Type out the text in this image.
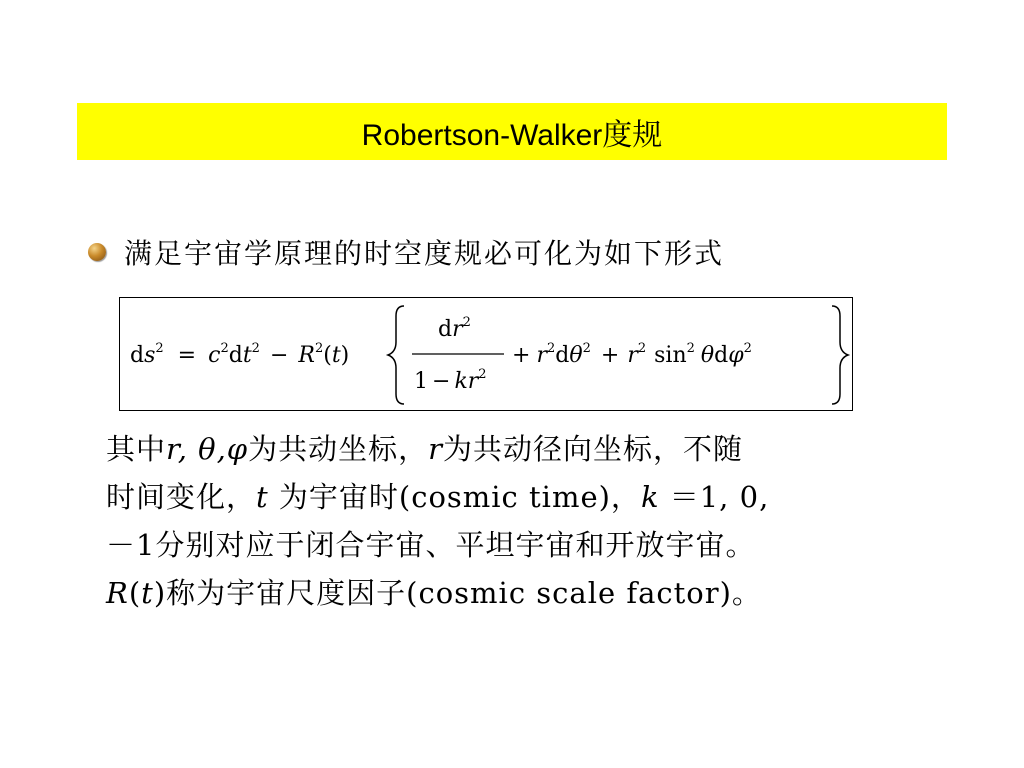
Robertson-Walker度规
满足宇宙学原理的时空度规必可化为如下形式
$ds^2 = c^2dt^2 - R^2(t)$
$dr^2$
$1 - kr^2$
+ $r^2d\theta^2 + r^2$ $\sin^2 \theta d\varphi^2$
其中r, θ,φ为共动坐标，r为共动径向坐标，不随
时间变化，t 为宇宙时(cosmic time)，k ＝1, 0,
－1分别对应于闭合宇宙、平坦宇宙和开放宇宙。
R(t)称为宇宙尺度因子(cosmic scale factor)。
